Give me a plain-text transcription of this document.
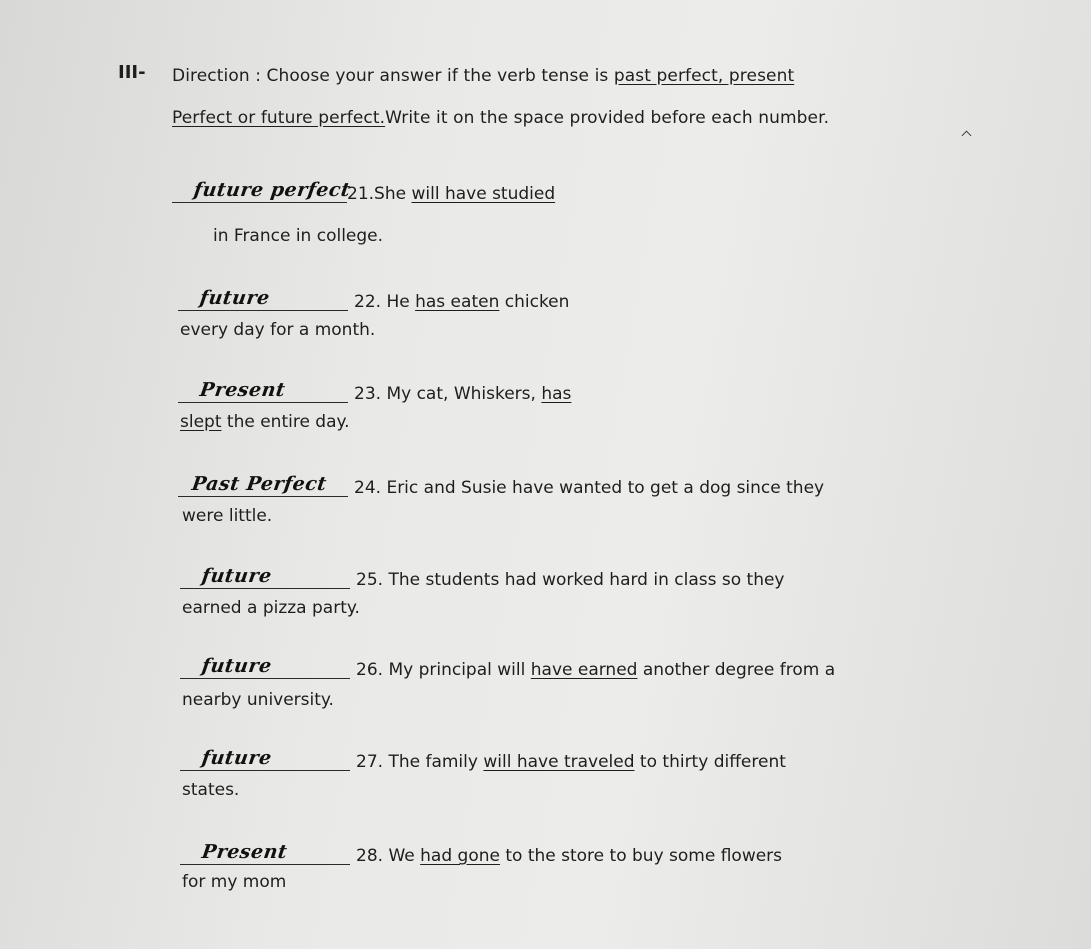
III- Direction : Choose your answer if the verb tense is past perfect, present
Perfect or future perfect.Write it on the space provided before each number.
future perfect
21.She will have studied
in France in college.
future	22. He has eaten chicken
every day for a month.
Present	23. My cat, Whiskers, has
slept the entire day.
Past Perfect 24. Eric and Susie have wanted to get a dog since they
were little.
future	25. The students had worked hard in class so they
earned a pizza party.
future	26. My principal will have earned another degree from a
nearby university.
future	27. The family will have traveled to thirty different
states.
Present	28. We had gone to the store to buy some flowers
for my mom
